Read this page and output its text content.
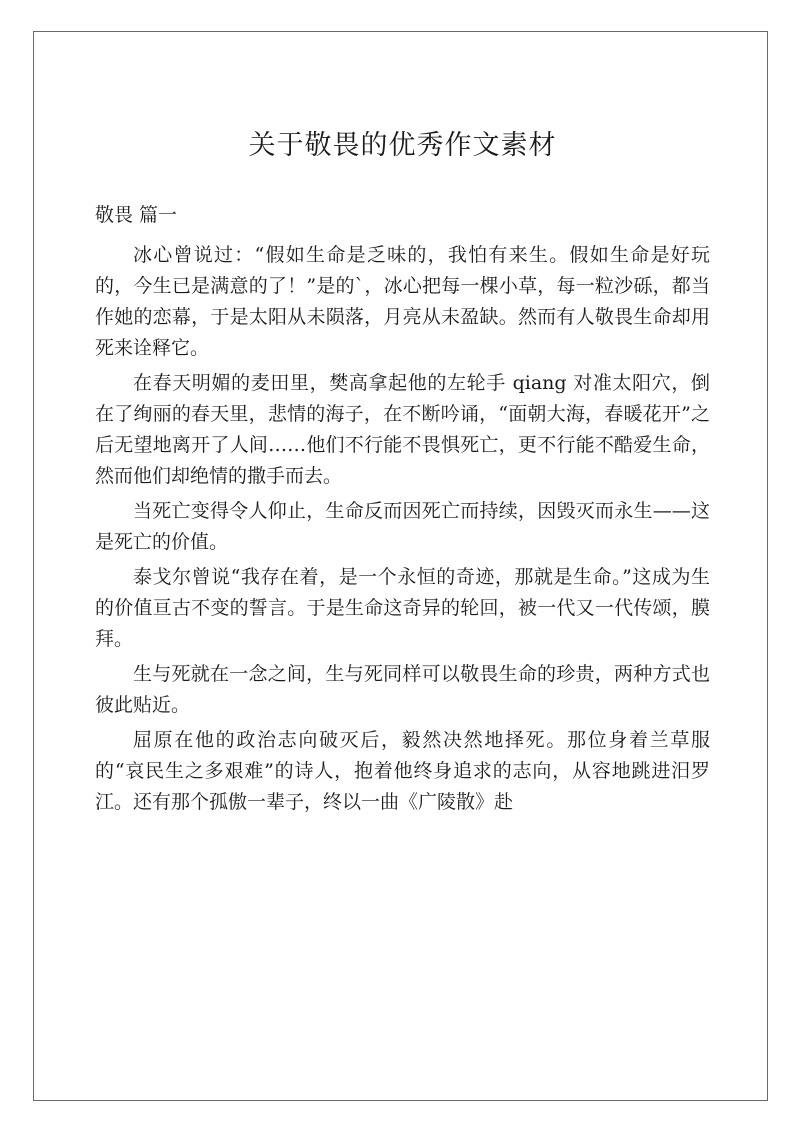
关于敬畏的优秀作文素材
敬畏 篇一

冰心曾说过：“假如生命是乏味的，我怕有来生。假如生命是好玩的，今生已是满意的了！”是的`，冰心把每一棵小草，每一粒沙砾，都当作她的恋幕，于是太阳从未陨落，月亮从未盈缺。然而有人敬畏生命却用死来诠释它。

在春天明媚的麦田里，樊高拿起他的左轮手 qiang 对准太阳穴，倒在了绚丽的春天里，悲情的海子，在不断吟诵，“面朝大海，春暖花开”之后无望地离开了人间……他们不行能不畏惧死亡，更不行能不酷爱生命，然而他们却绝情的撒手而去。

当死亡变得令人仰止，生命反而因死亡而持续，因毁灭而永生——这是死亡的价值。

泰戈尔曾说“我存在着，是一个永恒的奇迹，那就是生命。”这成为生的价值亘古不变的誓言。于是生命这奇异的轮回，被一代又一代传颂，膜拜。

生与死就在一念之间，生与死同样可以敬畏生命的珍贵，两种方式也彼此贴近。

屈原在他的政治志向破灭后，毅然决然地择死。那位身着兰草服的“哀民生之多艰难”的诗人，抱着他终身追求的志向，从容地跳进汨罗江。还有那个孤傲一辈子，终以一曲《广陵散》赴
